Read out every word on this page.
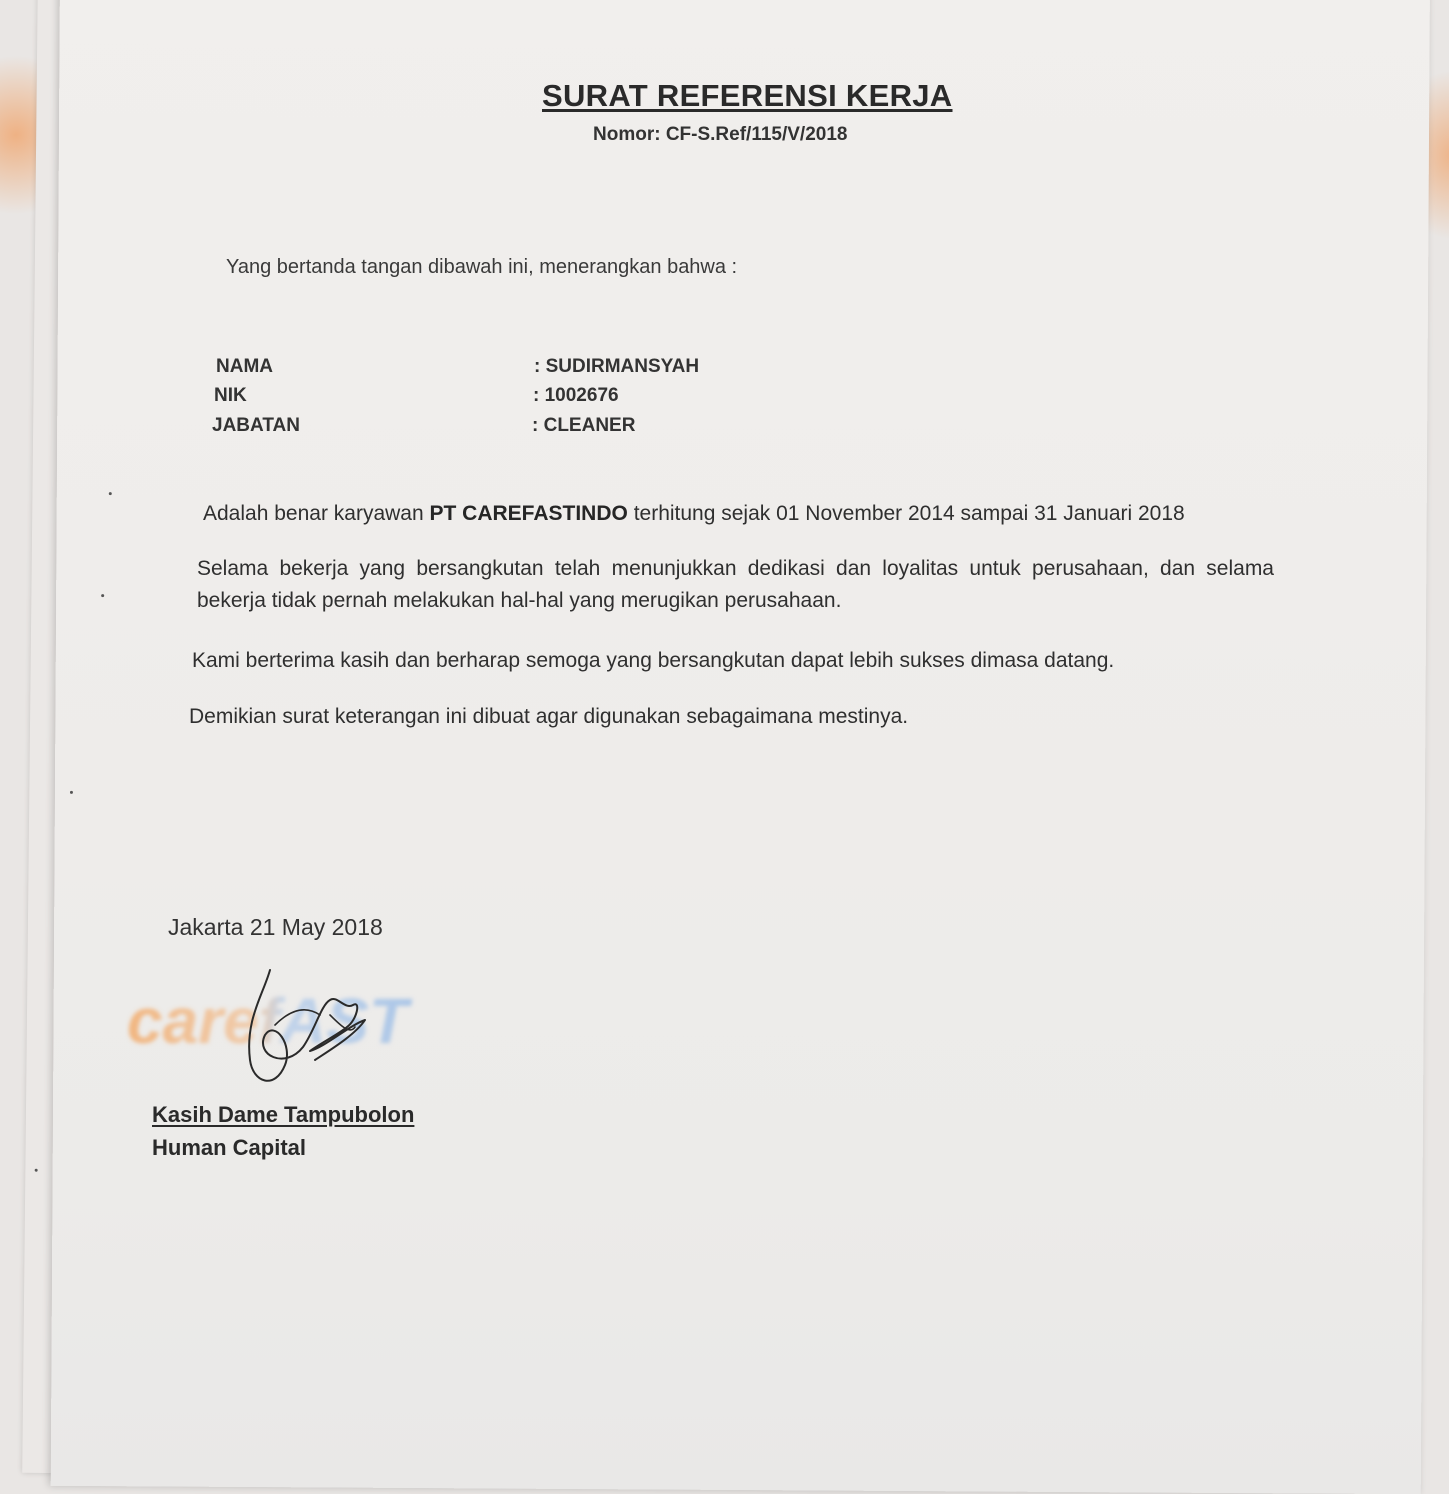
SURAT REFERENSI KERJA
Nomor: CF-S.Ref/115/V/2018
Yang bertanda tangan dibawah ini, menerangkan bahwa :
NAMA	: SUDIRMANSYAH
NIK	: 1002676
JABATAN	: CLEANER
Adalah benar karyawan PT CAREFASTINDO terhitung sejak 01 November 2014 sampai 31 Januari 2018
Selama bekerja yang bersangkutan telah menunjukkan dedikasi dan loyalitas untuk perusahaan, dan selama bekerja tidak pernah melakukan hal-hal yang merugikan perusahaan.
Kami berterima kasih dan berharap semoga yang bersangkutan dapat lebih sukses dimasa datang.
Demikian surat keterangan ini dibuat agar digunakan sebagaimana mestinya.
Jakarta 21 May 2018
carefAST
Kasih Dame Tampubolon
Human Capital
